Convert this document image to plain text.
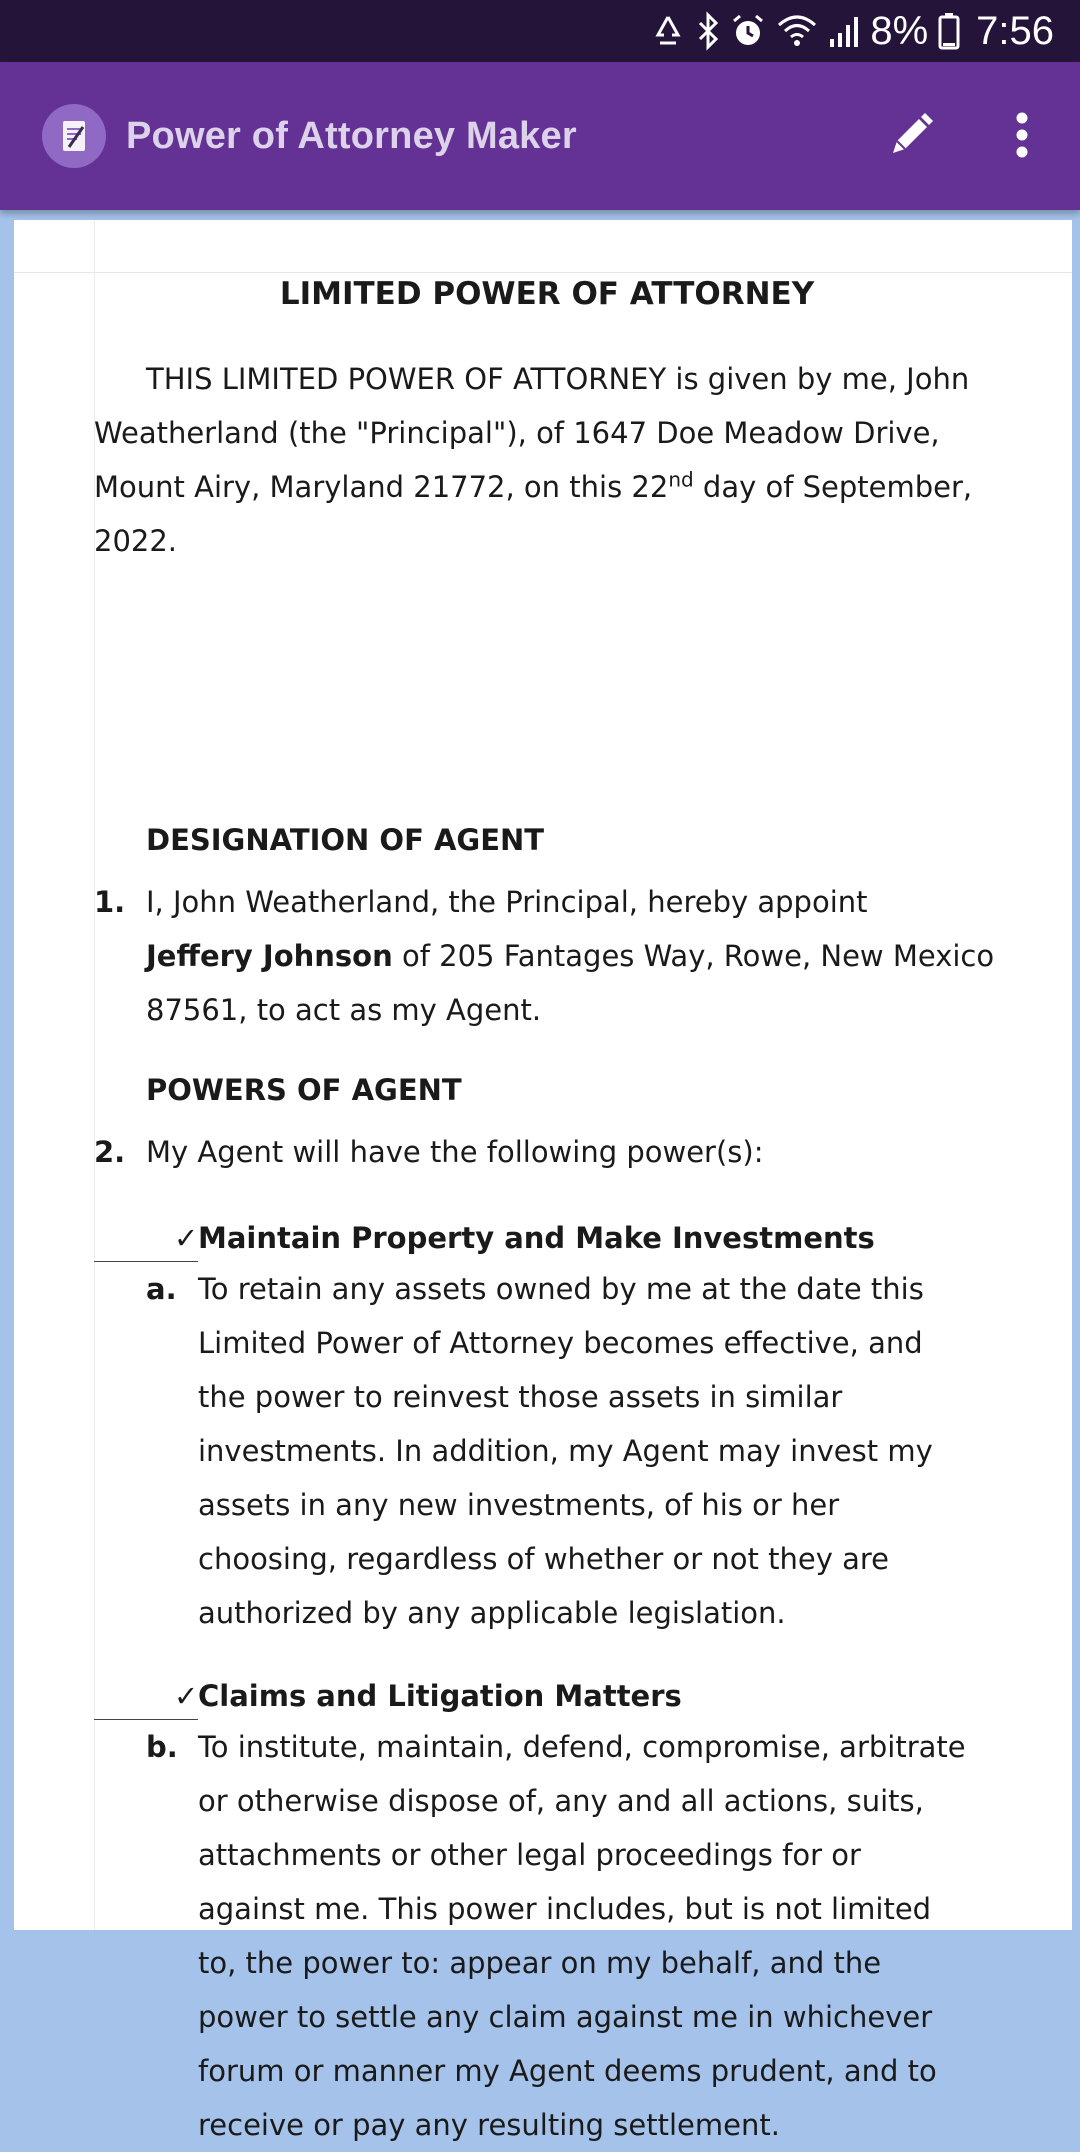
8% 7:56
Power of Attorney Maker
LIMITED POWER OF ATTORNEY
THIS LIMITED POWER OF ATTORNEY is given by me, John
Weatherland (the "Principal"), of 1647 Doe Meadow Drive,
Mount Airy, Maryland 21772, on this 22nd day of September,
2022.
DESIGNATION OF AGENT
1. I, John Weatherland, the Principal, hereby appoint
Jeffery Johnson of 205 Fantages Way, Rowe, New Mexico
87561, to act as my Agent.
POWERS OF AGENT
2. My Agent will have the following power(s):
✓ Maintain Property and Make Investments
a. To retain any assets owned by me at the date this
Limited Power of Attorney becomes effective, and
the power to reinvest those assets in similar
investments. In addition, my Agent may invest my
assets in any new investments, of his or her
choosing, regardless of whether or not they are
authorized by any applicable legislation.
✓ Claims and Litigation Matters
b. To institute, maintain, defend, compromise, arbitrate
or otherwise dispose of, any and all actions, suits,
attachments or other legal proceedings for or
against me. This power includes, but is not limited
to, the power to: appear on my behalf, and the
power to settle any claim against me in whichever
forum or manner my Agent deems prudent, and to
receive or pay any resulting settlement.
